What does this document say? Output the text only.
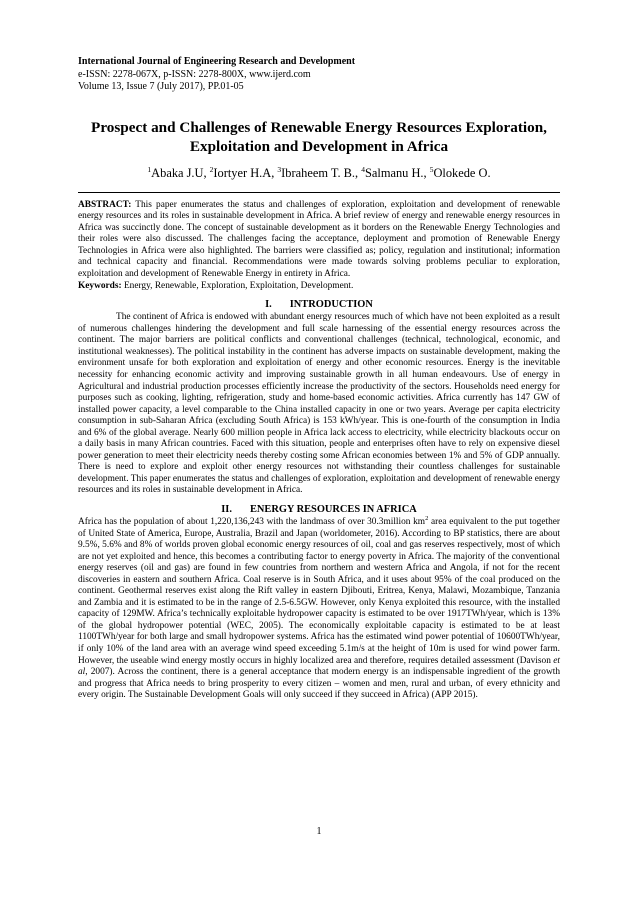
International Journal of Engineering Research and Development
e-ISSN: 2278-067X, p-ISSN: 2278-800X, www.ijerd.com
Volume 13, Issue 7 (July 2017), PP.01-05
Prospect and Challenges of Renewable Energy Resources Exploration, Exploitation and Development in Africa
$^1$Abaka J.U, $^2$Iortyer H.A, $^3$Ibraheem T. B., $^4$Salmanu H., $^5$Olokede O.
ABSTRACT: This paper enumerates the status and challenges of exploration, exploitation and development of renewable energy resources and its roles in sustainable development in Africa. A brief review of energy and renewable energy resources in Africa was succinctly done. The concept of sustainable development as it borders on the Renewable Energy Technologies and their roles were also discussed. The challenges facing the acceptance, deployment and promotion of Renewable Energy Technologies in Africa were also highlighted. The barriers were classified as; policy, regulation and institutional; information and technical capacity and financial. Recommendations were made towards solving problems peculiar to exploration, exploitation and development of Renewable Energy in entirety in Africa.
Keywords: Energy, Renewable, Exploration, Exploitation, Development.
I. INTRODUCTION
The continent of Africa is endowed with abundant energy resources much of which have not been exploited as a result of numerous challenges hindering the development and full scale harnessing of the essential energy resources across the continent. The major barriers are political conflicts and conventional challenges (technical, technological, economic, and institutional weaknesses). The political instability in the continent has adverse impacts on sustainable development, making the environment unsafe for both exploration and exploitation of energy and other economic resources. Energy is the inevitable necessity for enhancing economic activity and improving sustainable growth in all human endeavours. Use of energy in Agricultural and industrial production processes efficiently increase the productivity of the sectors. Households need energy for purposes such as cooking, lighting, refrigeration, study and home-based economic activities. Africa currently has 147 GW of installed power capacity, a level comparable to the China installed capacity in one or two years. Average per capita electricity consumption in sub-Saharan Africa (excluding South Africa) is 153 kWh/year. This is one-fourth of the consumption in India and 6% of the global average. Nearly 600 million people in Africa lack access to electricity, while electricity blackouts occur on a daily basis in many African countries. Faced with this situation, people and enterprises often have to rely on expensive diesel power generation to meet their electricity needs thereby costing some African economies between 1% and 5% of GDP annually. There is need to explore and exploit other energy resources not withstanding their countless challenges for sustainable development. This paper enumerates the status and challenges of exploration, exploitation and development of renewable energy resources and its roles in sustainable development in Africa.
II. ENERGY RESOURCES IN AFRICA
Africa has the population of about 1,220,136,243 with the landmass of over 30.3million $km^2$ area equivalent to the put together of United State of America, Europe, Australia, Brazil and Japan (worldometer, 2016). According to BP statistics, there are about 9.5%, 5.6% and 8% of worlds proven global economic energy resources of oil, coal and gas reserves respectively, most of which are not yet exploited and hence, this becomes a contributing factor to energy poverty in Africa. The majority of the conventional energy reserves (oil and gas) are found in few countries from northern and western Africa and Angola, if not for the recent discoveries in eastern and southern Africa. Coal reserve is in South Africa, and it uses about 95% of the coal produced on the continent. Geothermal reserves exist along the Rift valley in eastern Djibouti, Eritrea, Kenya, Malawi, Mozambique, Tanzania and Zambia and it is estimated to be in the range of 2.5-6.5GW. However, only Kenya exploited this resource, with the installed capacity of 129MW. Africa’s technically exploitable hydropower capacity is estimated to be over 1917TWh/year, which is 13% of the global hydropower potential (WEC, 2005). The economically exploitable capacity is estimated to be at least 1100TWh/year for both large and small hydropower systems. Africa has the estimated wind power potential of 10600TWh/year, if only 10% of the land area with an average wind speed exceeding 5.1m/s at the height of 10m is used for wind power farm. However, the useable wind energy mostly occurs in highly localized area and therefore, requires detailed assessment (Davison et al, 2007). Across the continent, there is a general acceptance that modern energy is an indispensable ingredient of the growth and progress that Africa needs to bring prosperity to every citizen – women and men, rural and urban, of every ethnicity and every origin. The Sustainable Development Goals will only succeed if they succeed in Africa) (APP 2015).
1
